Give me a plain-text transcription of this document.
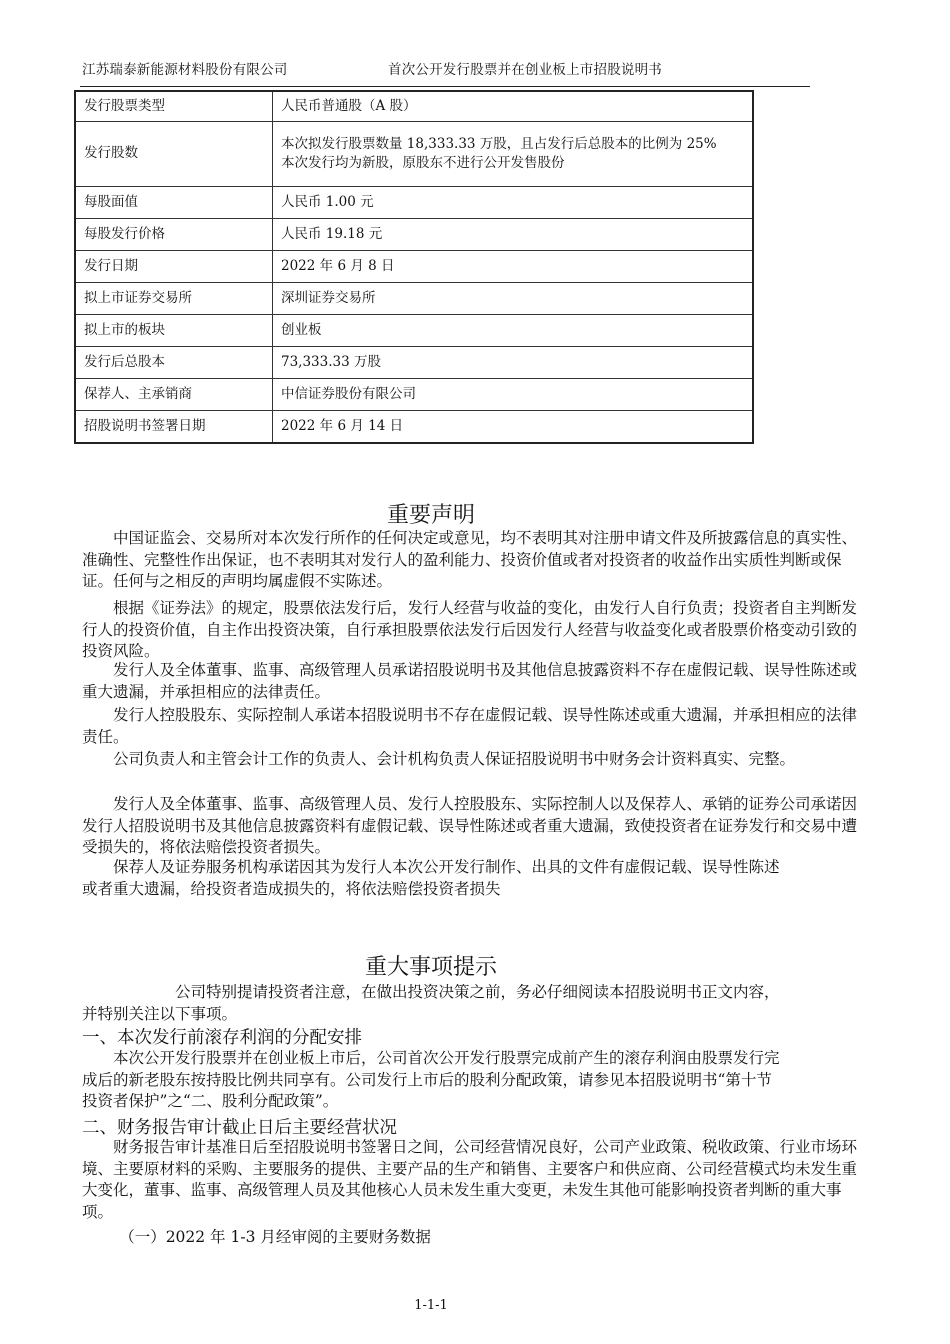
江苏瑞泰新能源材料股份有限公司	首次公开发行股票并在创业板上市招股说明书
发行股票类型	人民币普通股（A 股）
发行股数	本次拟发行股票数量 18,333.33 万股，且占发行后总股本的比例为 25%
本次发行均为新股，原股东不进行公开发售股份

每股面值	人民币 1.00 元
每股发行价格	人民币 19.18 元
发行日期	2022 年 6 月 8 日
拟上市证券交易所	深圳证券交易所
拟上市的板块	创业板
发行后总股本	73,333.33 万股
保荐人、主承销商	中信证券股份有限公司
招股说明书签署日期	2022 年 6 月 14 日
重要声明

中国证监会、交易所对本次发行所作的任何决定或意见，均不表明其对注册申请文件及所披露信息的真实性、准确性、完整性作出保证，也不表明其对发行人的盈利能力、投资价值或者对投资者的收益作出实质性判断或保证。任何与之相反的声明均属虚假不实陈述。

根据《证券法》的规定，股票依法发行后，发行人经营与收益的变化，由发行人自行负责；投资者自主判断发行人的投资价值，自主作出投资决策，自行承担股票依法发行后因发行人经营与收益变化或者股票价格变动引致的投资风险。

发行人及全体董事、监事、高级管理人员承诺招股说明书及其他信息披露资料不存在虚假记载、误导性陈述或重大遗漏，并承担相应的法律责任。

发行人控股股东、实际控制人承诺本招股说明书不存在虚假记载、误导性陈述或重大遗漏，并承担相应的法律责任。

公司负责人和主管会计工作的负责人、会计机构负责人保证招股说明书中财务会计资料真实、完整。

发行人及全体董事、监事、高级管理人员、发行人控股股东、实际控制人以及保荐人、承销的证券公司承诺因发行人招股说明书及其他信息披露资料有虚假记载、误导性陈述或者重大遗漏，致使投资者在证券发行和交易中遭受损失的，将依法赔偿投资者损失。

保荐人及证券服务机构承诺因其为发行人本次公开发行制作、出具的文件有虚假记载、误导性陈述或者重大遗漏，给投资者造成损失的，将依法赔偿投资者损失

重大事项提示

公司特别提请投资者注意，在做出投资决策之前，务必仔细阅读本招股说明书正文内容，并特别关注以下事项。

一、本次发行前滚存利润的分配安排

本次公开发行股票并在创业板上市后，公司首次公开发行股票完成前产生的滚存利润由股票发行完成后的新老股东按持股比例共同享有。公司发行上市后的股利分配政策，请参见本招股说明书“第十节 投资者保护”之“二、股利分配政策”。

二、财务报告审计截止日后主要经营状况

财务报告审计基准日后至招股说明书签署日之间，公司经营情况良好，公司产业政策、税收政策、行业市场环境、主要原材料的采购、主要服务的提供、主要产品的生产和销售、主要客户和供应商、公司经营模式均未发生重大变化，董事、监事、高级管理人员及其他核心人员未发生重大变更，未发生其他可能影响投资者判断的重大事项。

（一）2022 年 1-3 月经审阅的主要财务数据
1-1-1
